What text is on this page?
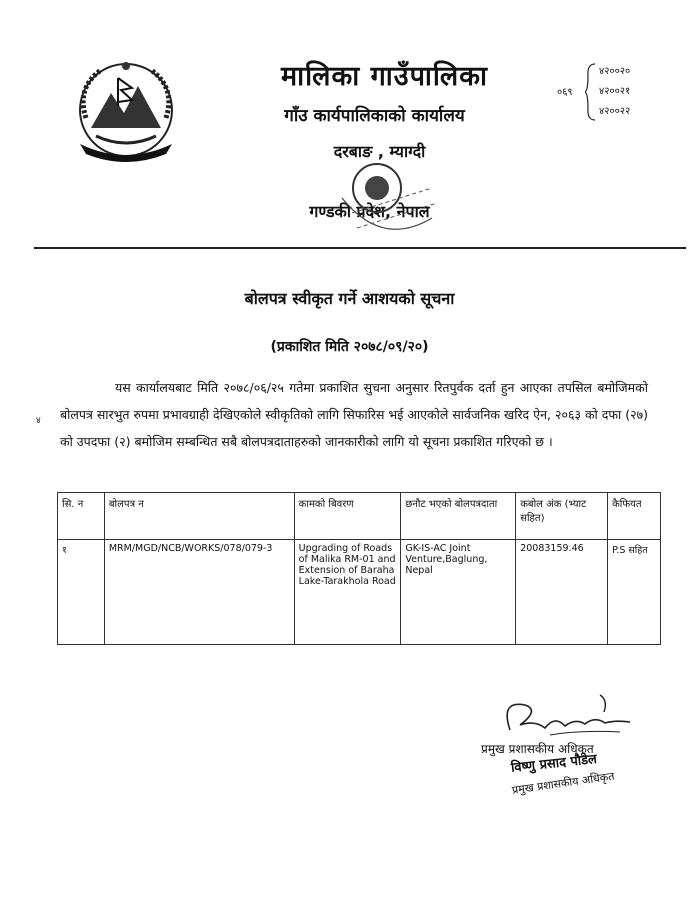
मालिका गाउँपालिका
गाँउ कार्यपालिकाको कार्यालय
दरबाङ , म्याग्दी
गण्डकी प्रदेश, नेपाल
०६९
४२००२०
४२००२१
४२००२२
बोलपत्र स्वीकृत गर्ने आशयको सूचना
(प्रकाशित मिति २०७८/०९/२०)
४
यस कार्यालयबाट मिति २०७८/०६/२५ गतेमा प्रकाशित सुचना अनुसार रितपुर्वक दर्ता हुन आएका तपसिल बमोजिमको बोलपत्र सारभुत रुपमा प्रभावग्राही देखिएकोले स्वीकृतिको लागि सिफारिस भई आएकोले सार्वजनिक खरिद ऐन, २०६३ को दफा (२७) को उपदफा (२) बमोजिम सम्बन्धित सबै बोलपत्रदाताहरुको जानकारीको लागि यो सूचना प्रकाशित गरिएको छ ।
सि. न	बोलपत्र न	कामको बिवरण	छनौट भएको बोलपत्रदाता	कबोल अंक (भ्याट सहित)	कैफियत
१	MRM/MGD/NCB/WORKS/078/079-3	Upgrading of Roads of Malika RM-01 and Extension of Baraha Lake-Tarakhola Road	GK-IS-AC Joint Venture,Baglung, Nepal	20083159.46	P.S सहित
प्रमुख प्रशासकीय अधिकृत
विष्णु प्रसाद पौडेल
प्रमुख प्रशासकीय अधिकृत
